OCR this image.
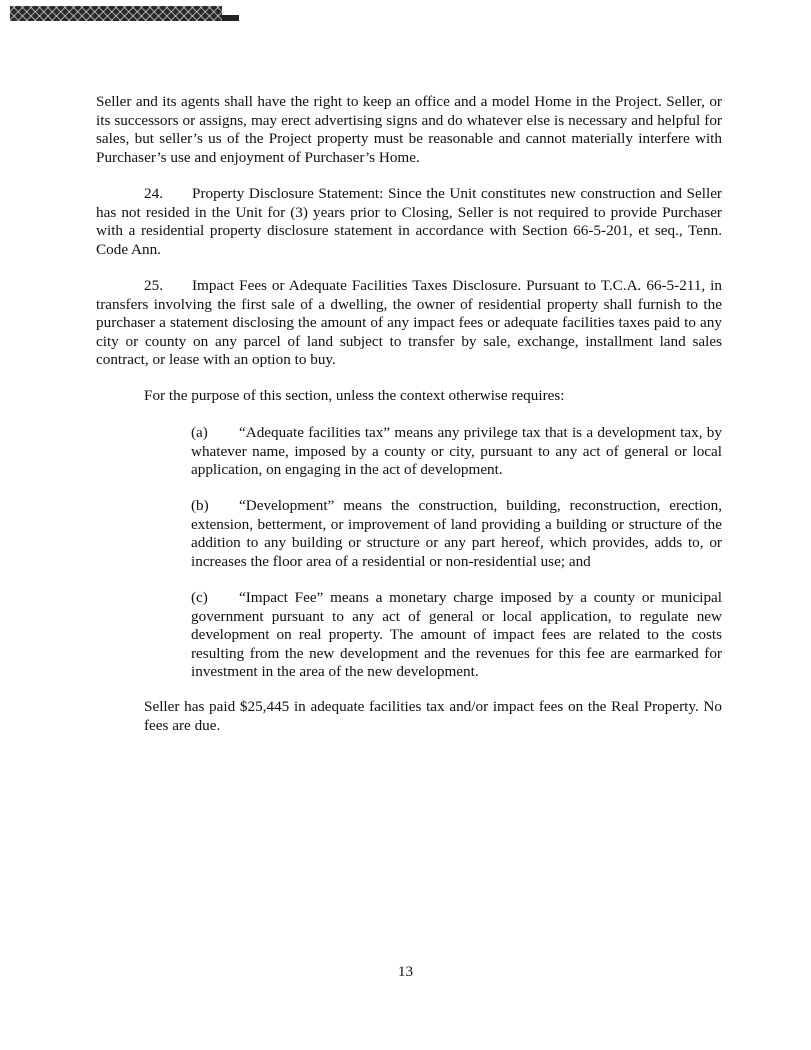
Seller and its agents shall have the right to keep an office and a model Home in the Project. Seller, or its successors or assigns, may erect advertising signs and do whatever else is necessary and helpful for sales, but seller’s us of the Project property must be reasonable and cannot materially interfere with Purchaser’s use and enjoyment of Purchaser’s Home.

24. Property Disclosure Statement: Since the Unit constitutes new construction and Seller has not resided in the Unit for (3) years prior to Closing, Seller is not required to provide Purchaser with a residential property disclosure statement in accordance with Section 66-5-201, et seq., Tenn. Code Ann.

25. Impact Fees or Adequate Facilities Taxes Disclosure. Pursuant to T.C.A. 66-5-211, in transfers involving the first sale of a dwelling, the owner of residential property shall furnish to the purchaser a statement disclosing the amount of any impact fees or adequate facilities taxes paid to any city or county on any parcel of land subject to transfer by sale, exchange, installment land sales contract, or lease with an option to buy.

For the purpose of this section, unless the context otherwise requires:

(a) “Adequate facilities tax” means any privilege tax that is a development tax, by whatever name, imposed by a county or city, pursuant to any act of general or local application, on engaging in the act of development.

(b) “Development” means the construction, building, reconstruction, erection, extension, betterment, or improvement of land providing a building or structure of the addition to any building or structure or any part hereof, which provides, adds to, or increases the floor area of a residential or non-residential use; and

(c) “Impact Fee” means a monetary charge imposed by a county or municipal government pursuant to any act of general or local application, to regulate new development on real property. The amount of impact fees are related to the costs resulting from the new development and the revenues for this fee are earmarked for investment in the area of the new development.

Seller has paid $25,445 in adequate facilities tax and/or impact fees on the Real Property. No fees are due.

13
